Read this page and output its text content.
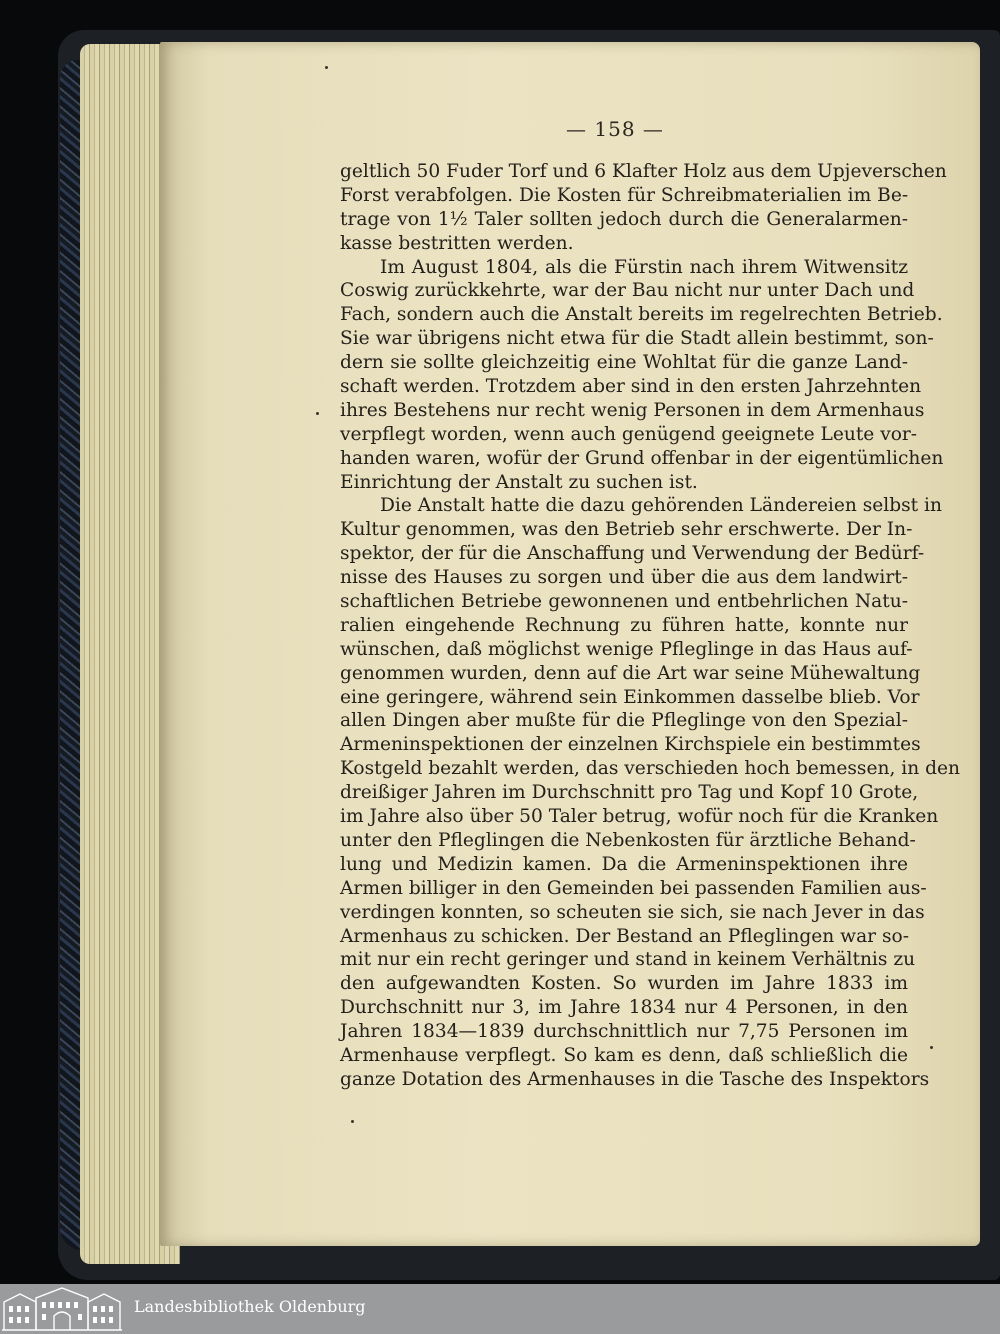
— 158 —
geltlich 50 Fuder Torf und 6 Klafter Holz aus dem Upjeverschen
Forst verabfolgen. Die Kosten für Schreibmaterialien im Be-
trage von 1½ Taler sollten jedoch durch die Generalarmen-
kasse bestritten werden.
Im August 1804, als die Fürstin nach ihrem Witwensitz
Coswig zurückkehrte, war der Bau nicht nur unter Dach und
Fach, sondern auch die Anstalt bereits im regelrechten Betrieb.
Sie war übrigens nicht etwa für die Stadt allein bestimmt, son-
dern sie sollte gleichzeitig eine Wohltat für die ganze Land-
schaft werden. Trotzdem aber sind in den ersten Jahrzehnten
ihres Bestehens nur recht wenig Personen in dem Armenhaus
verpflegt worden, wenn auch genügend geeignete Leute vor-
handen waren, wofür der Grund offenbar in der eigentümlichen
Einrichtung der Anstalt zu suchen ist.
Die Anstalt hatte die dazu gehörenden Ländereien selbst in
Kultur genommen, was den Betrieb sehr erschwerte. Der In-
spektor, der für die Anschaffung und Verwendung der Bedürf-
nisse des Hauses zu sorgen und über die aus dem landwirt-
schaftlichen Betriebe gewonnenen und entbehrlichen Natu-
ralien eingehende Rechnung zu führen hatte, konnte nur
wünschen, daß möglichst wenige Pfleglinge in das Haus auf-
genommen wurden, denn auf die Art war seine Mühewaltung
eine geringere, während sein Einkommen dasselbe blieb. Vor
allen Dingen aber mußte für die Pfleglinge von den Spezial-
Armeninspektionen der einzelnen Kirchspiele ein bestimmtes
Kostgeld bezahlt werden, das verschieden hoch bemessen, in den
dreißiger Jahren im Durchschnitt pro Tag und Kopf 10 Grote,
im Jahre also über 50 Taler betrug, wofür noch für die Kranken
unter den Pfleglingen die Nebenkosten für ärztliche Behand-
lung und Medizin kamen. Da die Armeninspektionen ihre
Armen billiger in den Gemeinden bei passenden Familien aus-
verdingen konnten, so scheuten sie sich, sie nach Jever in das
Armenhaus zu schicken. Der Bestand an Pfleglingen war so-
mit nur ein recht geringer und stand in keinem Verhältnis zu
den aufgewandten Kosten. So wurden im Jahre 1833 im
Durchschnitt nur 3, im Jahre 1834 nur 4 Personen, in den
Jahren 1834—1839 durchschnittlich nur 7,75 Personen im
Armenhause verpflegt. So kam es denn, daß schließlich die
ganze Dotation des Armenhauses in die Tasche des Inspektors
Landesbibliothek Oldenburg
